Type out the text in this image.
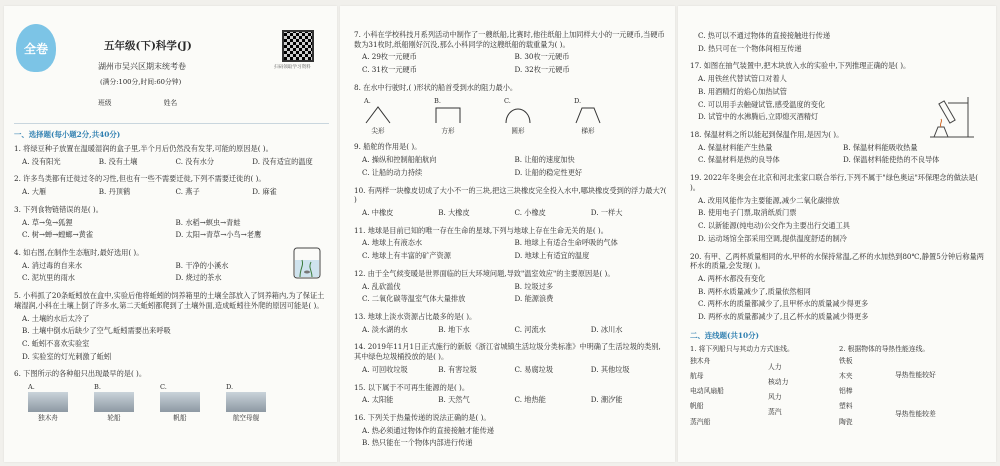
全卷	五年级(下)科学(J)
湖州市吴兴区期末统考卷
(满分:100分,时间:60分钟)
班级	姓名
扫码领取学习资料
一、选择题(每小题2分,共40分)
1. 将绿豆种子放置在温暖湿润的盒子里,半个月后仍然没有发芽,可能的原因是( )。
A. 没有阳光	B. 没有土壤	C. 没有水分	D. 没有适宜的温度
2. 许多鸟类都有迁徙过冬的习性,但也有一些不需要迁徙,下列不需要迁徙的( )。
A. 大雁	B. 丹顶鹤	C. 燕子	D. 麻雀
3. 下列食物链错误的是( )。
A. 草→兔→狐狸	B. 水稻→螟虫→青蛙
C. 树→蝉→螳螂→黄雀	D. 太阳→青草→小鸟→老鹰
4. 如右图,在制作生态瓶时,最好选用( )。
A. 消过毒的自来水	B. 干净的小溪水
C. 泥坑里的雨水	D. 烧过的茶水
5. 小科抓了20条蚯蚓放在盒中,实验后他将蚯蚓的饲养箱里的土壤全部放入了饲养箱内,为了保证土壤湿润,小科在土壤上倒了许多水,第二天蚯蚓都爬到了土壤外面,造成蚯蚓往外爬的原因可能是( )。
A. 土壤的水后太冷了
B. 土壤中倒水后缺少了空气,蚯蚓需要出来呼吸
C. 蚯蚓不喜欢实验室
D. 实验室的灯光刺激了蚯蚓
6. 下图所示的各种船只出现最早的是( )。
A.
独木舟
B.
轮船
C.
帆船
D.
航空母舰
7. 小科在学校科技月系列活动中制作了一艘纸船,比赛时,他往纸船上加同样大小的一元硬币,当硬币数为31枚时,纸船刚好沉没,那么小科同学的这艘纸船的载重量为( )。
A. 29枚一元硬币	B. 30枚一元硬币
C. 31枚一元硬币	D. 32枚一元硬币
8. 在水中行驶时,( )形状的船首受到水的阻力最小。
A.
尖形
B.
方形
C.
圆形
D.
梯形
9. 船舵的作用是( )。
A. 操纵和控制船舶航向	B. 让船的速度加快
C. 让船的动力持续	D. 让船的稳定性更好
10. 有两样一块橡皮切成了大小不一的三块,把这三块橡皮完全投入水中,哪块橡皮受到的浮力最大?( )
A. 中橡皮	B. 大橡皮	C. 小橡皮	D. 一样大
11. 地球是目前已知的唯一存在生命的星球,下列与地球上存在生命无关的是( )。
A. 地球上有液态水	B. 地球上有适合生命呼吸的气体
C. 地球上有丰富的矿产资源	D. 地球上有适宜的温度
12. 由于全气候变暖是世界面临的巨大环境问题,导致"温室效应"的主要原因是( )。
A. 乱砍滥伐	B. 垃圾过多
C. 二氧化碳等温室气体大量排放	D. 能源浪费
13. 地球上淡水资源占比最多的是( )。
A. 淡水湖的水	B. 地下水	C. 河流水	D. 冰川水
14. 2019年11月1日正式施行的新版《浙江省城镇生活垃圾分类标准》中明确了生活垃圾的类别,其中绿色垃圾桶投放的是( )。
A. 可回收垃圾	B. 有害垃圾	C. 易腐垃圾	D. 其他垃圾
15. 以下属于不可再生能源的是( )。
A. 太阳能	B. 天然气	C. 地热能	D. 潮汐能
16. 下列关于热量传递的说法正确的是( )。
A. 热必须通过物体作的直接接触才能传递
B. 热只能在一个物体内部进行传递
C. 热可以不通过物体的直接接触进行传递
D. 热只可在一个物体间相互传递
17. 如图在抽气装置中,把木块放入水的实验中,下列推理正确的是( )。
A. 用铁丝代替试管口对着人
B. 用酒精灯的焰心加热试管
C. 可以用手去触碰试管,感受温度的变化
D. 试管中的水沸腾后,立即熄灭酒精灯
18. 保温材料之所以能起到保温作用,是因为( )。
A. 保温材料能产生热量	B. 保温材料能吸收热量
C. 保温材料是热的良导体	D. 保温材料能使热的不良导体
19. 2022年冬奥会在北京和河北张家口联合举行,下列不属于"绿色奥运"环保理念的做法是( )。
A. 改用风能作为主要能源,减少二氧化碳排放
B. 使用电子门票,取消纸质门票
C. 以新能源(纯电动)公交作为主要出行交通工具
D. 运动场馆全部采用空调,提供温度舒适的制冷
20. 有甲、乙两杯质量相同的水,甲杯的水保持常温,乙杯的水加热到80℃,静置5分钟后称量两杯水的质量,会发现( )。
A. 两杯水都没有变化
B. 两杯水质量减少了,质量依然相同
C. 两杯水的质量都减少了,且甲杯水的质量减少得更多
D. 两杯水的质量都减少了,且乙杯水的质量减少得更多
二、连线题(共10分)
1. 将下列船只与其动力方式连线。
独木舟
航母
电动风扇船
帆船
蒸汽船
人力
核动力
风力
蒸汽
2. 根据物体的导热性能连线。
铁板
木夹
铝棒
塑料
陶瓷
导热性能较好
导热性能较差
